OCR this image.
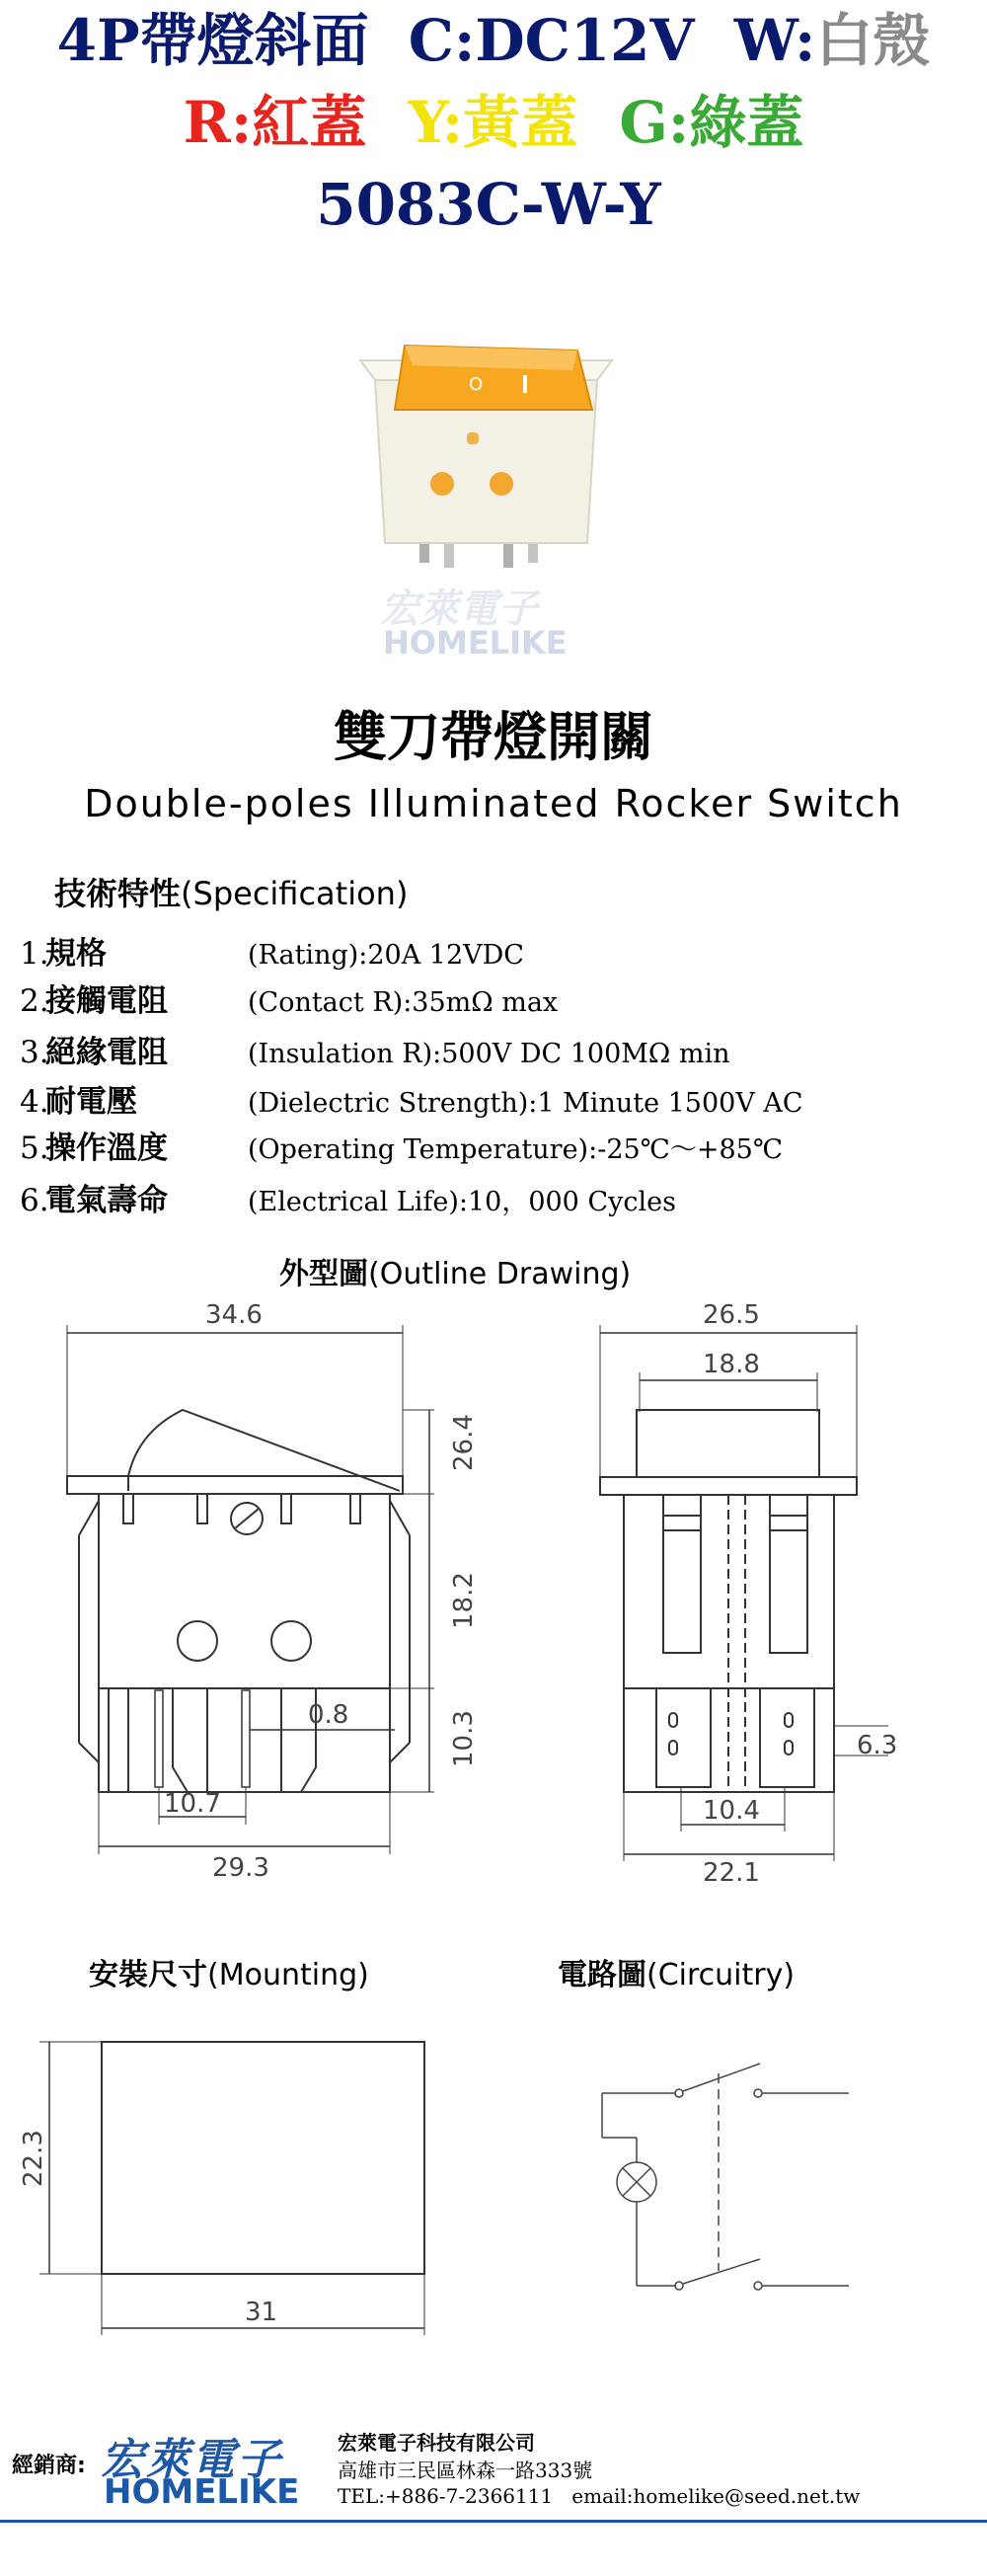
4P帶燈斜面 C:DC12V W:白殼
R:紅蓋 Y:黃蓋 G:綠蓋
5083C-W-Y
O
宏萊電子
HOMELIKE
雙刀帶燈開關
Double-poles Illuminated Rocker Switch
技術特性(Specification)
1.規格	(Rating):20A 12VDC
2.接觸電阻	(Contact R):35mΩ max
3.絕緣電阻	(Insulation R):500V DC 100MΩ min
4.耐電壓	(Dielectric Strength):1 Minute 1500V AC
5.操作溫度	(Operating Temperature):-25℃～+85℃
6.電氣壽命	(Electrical Life):10，000 Cycles
外型圖(Outline Drawing)
34.6
26.4
18.2
0.8	10.3
10.7
29.3
26.5
18.8
6.3
10.4
22.1
安裝尺寸(Mounting)	電路圖(Circuitry)
22.3
31
經銷商: 宏萊電子
HOMELIKE
宏萊電子科技有限公司
高雄市三民區林森一路333號
TEL:+886-7-2366111   email:homelike@seed.net.tw
